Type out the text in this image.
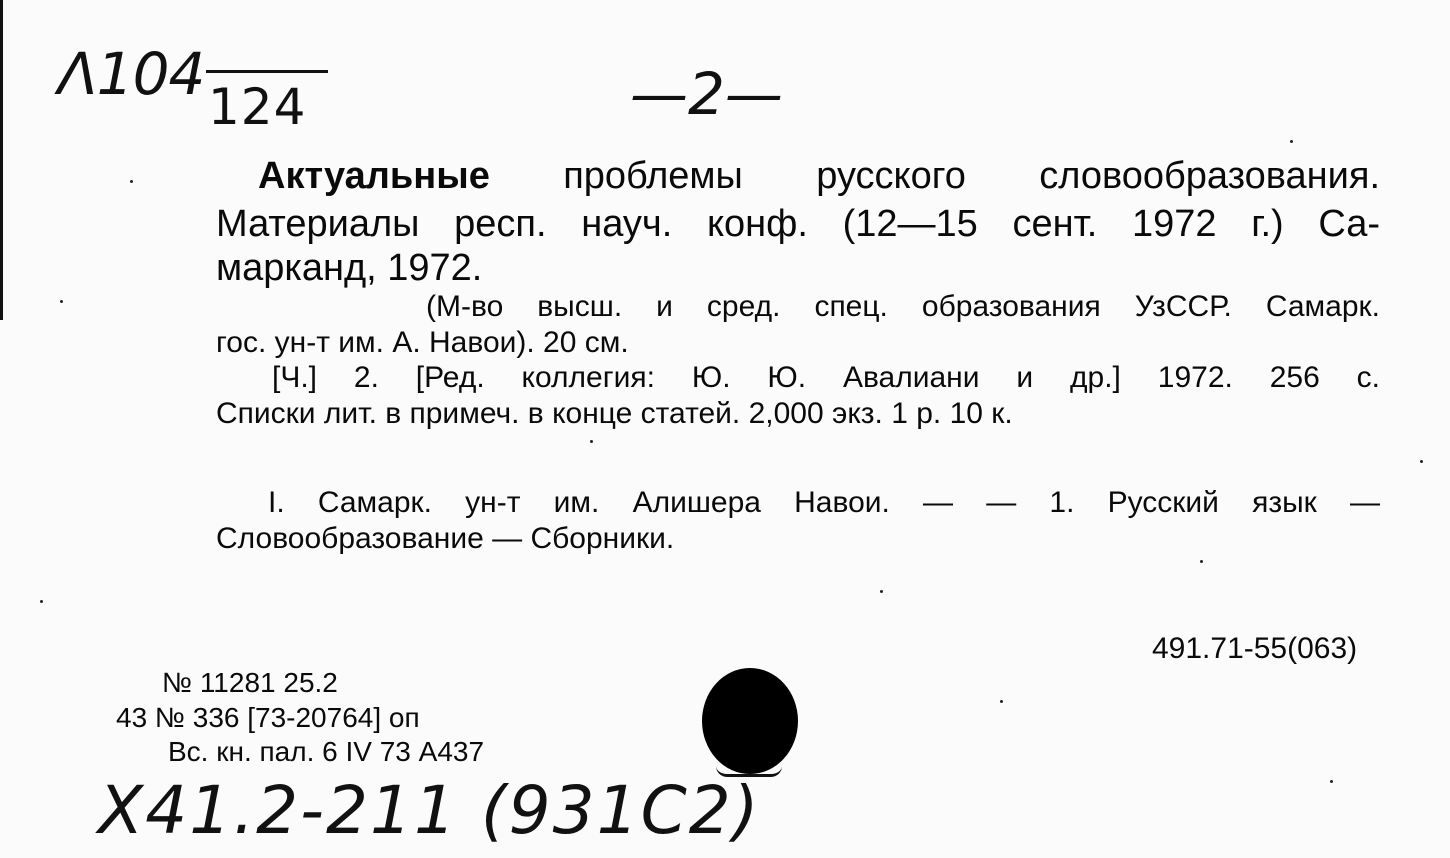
Λ104 124	—2—
Актуальные проблемы русского словообразования.
Материалы респ. науч. конф. (12—15 сент. 1972 г.) Са-
марканд, 1972.
(М-во высш. и сред. спец. образования УзССР. Самарк.
гос. ун-т им. А. Навои). 20 см.
[Ч.] 2. [Ред. коллегия: Ю. Ю. Авалиани и др.] 1972. 256 с.
Списки лит. в примеч. в конце статей. 2,000 экз. 1 р. 10 к.
I. Самарк. ун-т им. Алишера Навои. — — 1. Русский язык —
Словообразование — Сборники.
491.71-55(063)
№ 11281 25.2
43 № 336 [73-20764] оп
Вс. кн. пал. 6 IV 73 А437
X41.2-211 (931C2)
